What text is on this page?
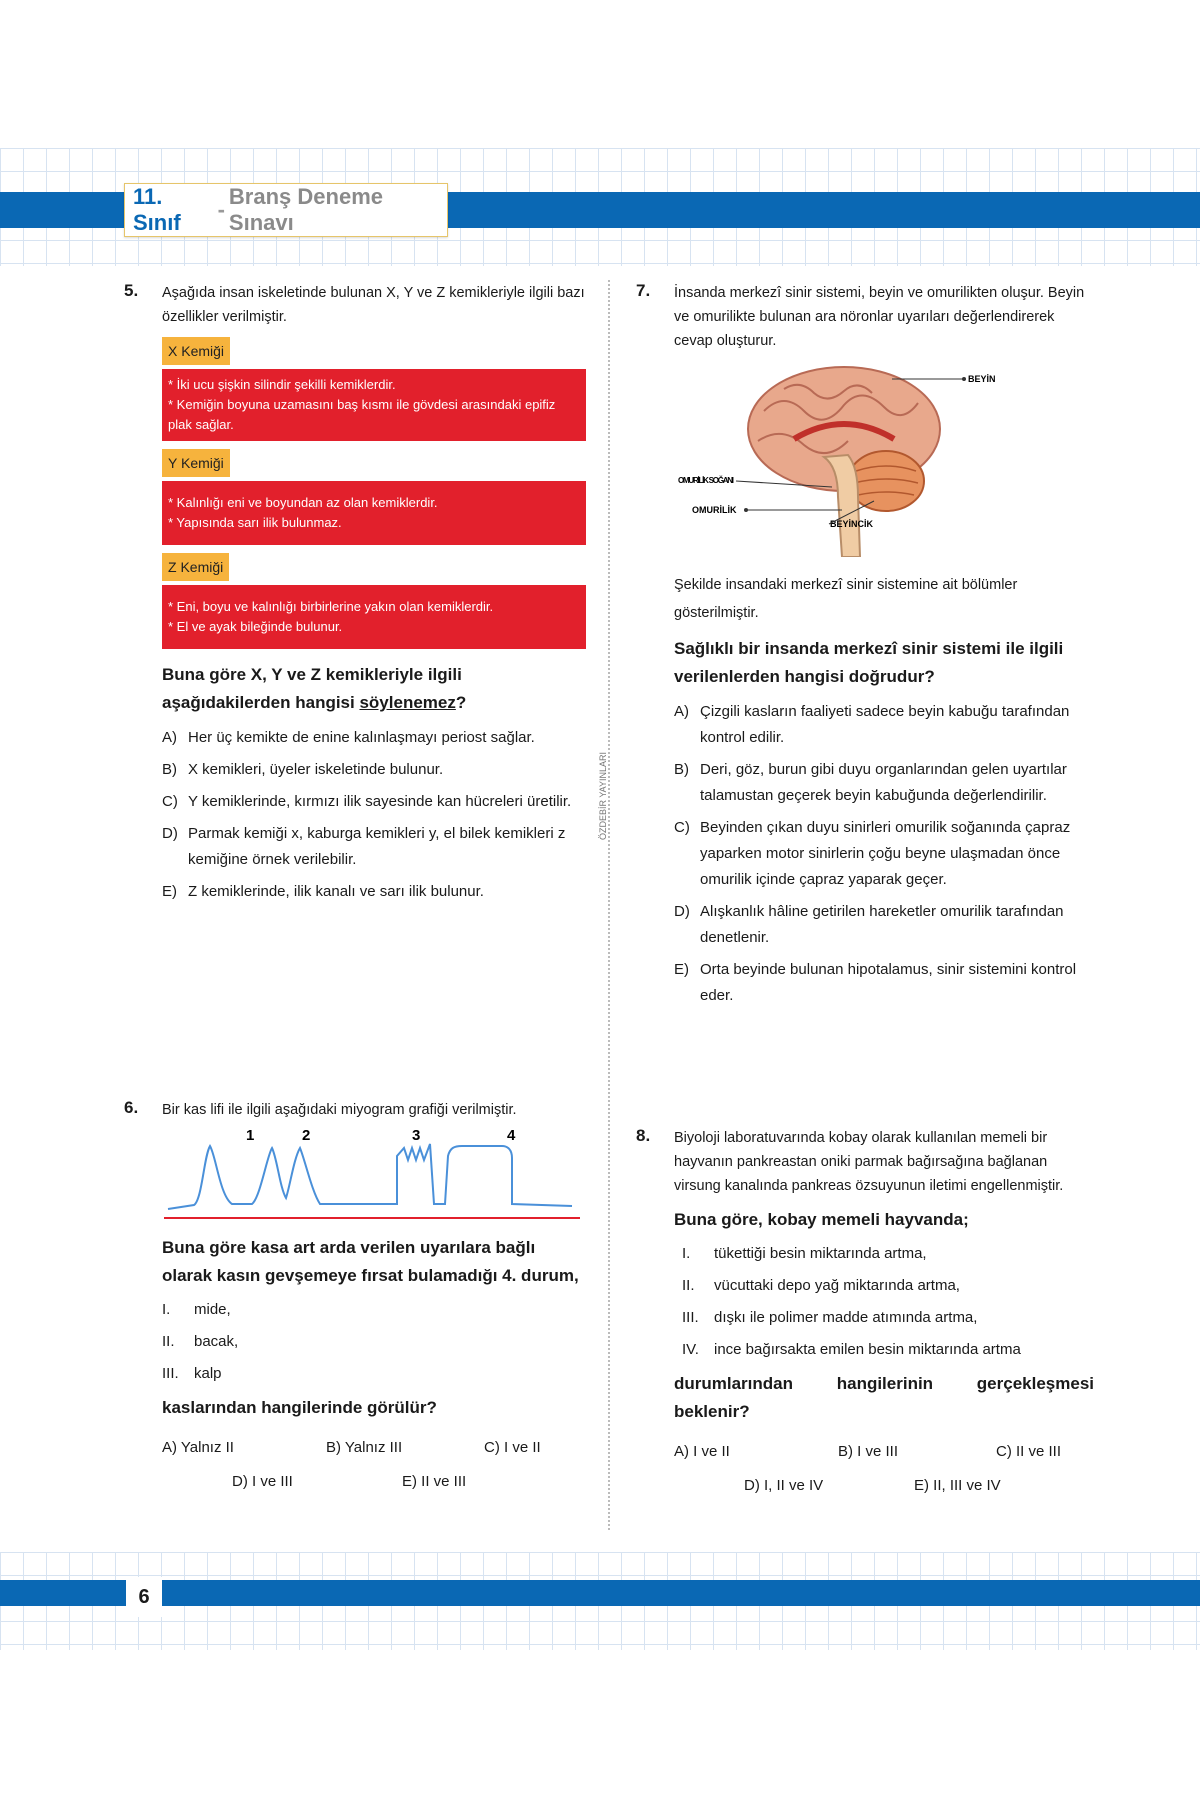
11. Sınıf
-
Branş Deneme Sınavı
6
ÖZDEBİR YAYINLARI
5. Aşağıda insan iskeletinde bulunan X, Y ve Z kemikleriyle ilgili bazı özellikler verilmiştir.
X Kemiği
* İki ucu şişkin silindir şekilli kemiklerdir.
* Kemiğin boyuna uzamasını baş kısmı ile gövdesi arasındaki epifiz plak sağlar.
Y Kemiği
* Kalınlığı eni ve boyundan az olan kemiklerdir.
* Yapısında sarı ilik bulunmaz.
Z Kemiği
* Eni, boyu ve kalınlığı birbirlerine yakın olan kemiklerdir.
* El ve ayak bileğinde bulunur.
Buna göre X, Y ve Z kemikleriyle ilgili aşağıdakilerden hangisi söylenemez?
A) Her üç kemikte de enine kalınlaşmayı periost sağlar.
B) X kemikleri, üyeler iskeletinde bulunur.
C) Y kemiklerinde, kırmızı ilik sayesinde kan hücreleri üretilir.
D) Parmak kemiği x, kaburga kemikleri y, el bilek kemikleri z kemiğine örnek verilebilir.
E) Z kemiklerinde, ilik kanalı ve sarı ilik bulunur.
6. Bir kas lifi ile ilgili aşağıdaki miyogram grafiği verilmiştir.
1	2	3	4
Buna göre kasa art arda verilen uyarılara bağlı olarak kasın gevşemeye fırsat bulamadığı 4. durum,
I.	mide,
II.	bacak,
III.	kalp
kaslarından hangilerinde görülür?
A) Yalnız II	B) Yalnız III	C) I ve II
D) I ve III	E) II ve III
7. İnsanda merkezî sinir sistemi, beyin ve omurilikten oluşur. Beyin ve omurilikte bulunan ara nöronlar uyarıları değerlendirerek cevap oluşturur.
BEYİN
OMURİLİK SOĞANI
OMURİLİK
BEYİNCİK
Şekilde insandaki merkezî sinir sistemine ait bölümler gösterilmiştir.
Sağlıklı bir insanda merkezî sinir sistemi ile ilgili verilenlerden hangisi doğrudur?
A) Çizgili kasların faaliyeti sadece beyin kabuğu tarafından kontrol edilir.
B) Deri, göz, burun gibi duyu organlarından gelen uyartılar talamustan geçerek beyin kabuğunda değerlendirilir.
C) Beyinden çıkan duyu sinirleri omurilik soğanında çapraz yaparken motor sinirlerin çoğu beyne ulaşmadan önce omurilik içinde çapraz yaparak geçer.
D) Alışkanlık hâline getirilen hareketler omurilik tarafından denetlenir.
E) Orta beyinde bulunan hipotalamus, sinir sistemini kontrol eder.
8. Biyoloji laboratuvarında kobay olarak kullanılan memeli bir hayvanın pankreastan oniki parmak bağırsağına bağlanan virsung kanalında pankreas özsuyunun iletimi engellenmiştir.
Buna göre, kobay memeli hayvanda;
I.	tükettiği besin miktarında artma,
II.	vücuttaki depo yağ miktarında artma,
III.	dışkı ile polimer madde atımında artma,
IV.	ince bağırsakta emilen besin miktarında artma
durumlarından hangilerinin gerçekleşmesi beklenir?
A) I ve II	B) I ve III	C) II ve III
D) I, II ve IV	E) II, III ve IV
